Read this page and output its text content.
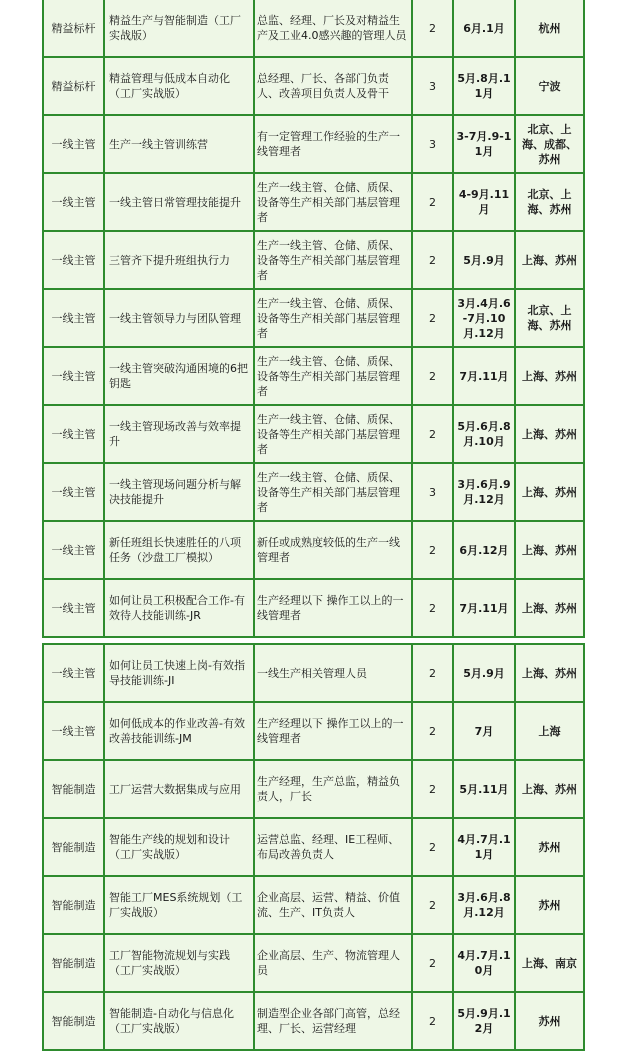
精益标杆	精益生产与智能制造（工厂实战版）	总监、经理、厂长及对精益生产及工业4.0感兴趣的管理人员	2	6月.1月	杭州
精益标杆	精益管理与低成本自动化（工厂实战版）	总经理、厂长、各部门负责人、改善项目负责人及骨干	3	5月.8月.11月	宁波
一线主管	生产一线主管训练营	有一定管理工作经验的生产一线管理者	3	3-7月.9-11月	北京、上海、成都、苏州
一线主管	一线主管日常管理技能提升	生产一线主管、仓储、质保、设备等生产相关部门基层管理者	2	4-9月.11月	北京、上海、苏州
一线主管	三管齐下提升班组执行力	生产一线主管、仓储、质保、设备等生产相关部门基层管理者	2	5月.9月	上海、苏州
一线主管	一线主管领导力与团队管理	生产一线主管、仓储、质保、设备等生产相关部门基层管理者	2	3月.4月.6-7月.10月.12月	北京、上海、苏州
一线主管	一线主管突破沟通困境的6把钥匙	生产一线主管、仓储、质保、设备等生产相关部门基层管理者	2	7月.11月	上海、苏州
一线主管	一线主管现场改善与效率提升	生产一线主管、仓储、质保、设备等生产相关部门基层管理者	2	5月.6月.8月.10月	上海、苏州
一线主管	一线主管现场问题分析与解决技能提升	生产一线主管、仓储、质保、设备等生产相关部门基层管理者	3	3月.6月.9月.12月	上海、苏州
一线主管	新任班组长快速胜任的八项任务（沙盘工厂模拟）	新任或成熟度较低的生产一线管理者	2	6月.12月	上海、苏州
一线主管	如何让员工积极配合工作-有效待人技能训练-JR	生产经理以下 操作工以上的一线管理者	2	7月.11月	上海、苏州
一线主管	如何让员工快速上岗-有效指导技能训练-JI	一线生产相关管理人员	2	5月.9月	上海、苏州
一线主管	如何低成本的作业改善-有效改善技能训练-JM	生产经理以下 操作工以上的一线管理者	2	7月	上海
智能制造	工厂运营大数据集成与应用	生产经理，生产总监，精益负责人，厂长	2	5月.11月	上海、苏州
智能制造	智能生产线的规划和设计（工厂实战版）	运营总监、经理、IE工程师、布局改善负责人	2	4月.7月.11月	苏州
智能制造	智能工厂MES系统规划（工厂实战版）	企业高层、运营、精益、价值流、生产、IT负责人	2	3月.6月.8月.12月	苏州
智能制造	工厂智能物流规划与实践（工厂实战版）	企业高层、生产、物流管理人员	2	4月.7月.10月	上海、南京
智能制造	智能制造-自动化与信息化（工厂实战版）	制造型企业各部门高管，总经理、厂长、运营经理	2	5月.9月.12月	苏州
